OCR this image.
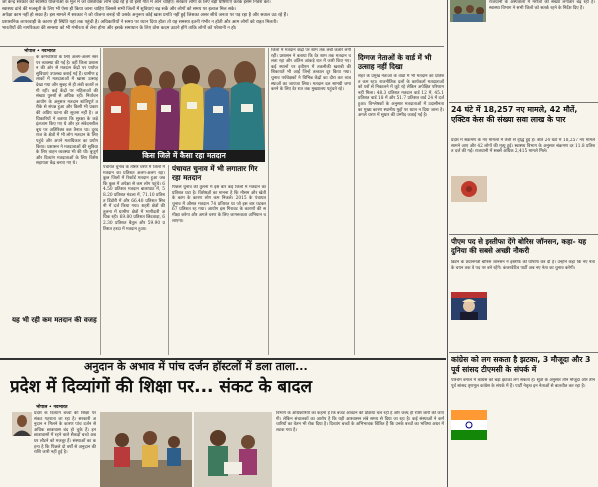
जो केन्द्र सरकार की स्वास्थ्य योजनाओं के मूल में जो वास्तविक लाभ देख रहे हैं वो इसी गति में आने चाहिए। सरकार लोगों के लिए बड़ी घोषणाएं करके इसमें निवेश करे।
स्वास्थ्य ढांचे की मजबूती के लिए भी ऐसा ही किया जाना चाहिए जिससे सभी जिलों में सुविधाएं बढ़ सकें और लोगों को समय पर इलाज मिल सके।
अपेक्षा काम नहीं हो सका है। इस मामले में सरकार ने जो योजना बनाई थी उसके अनुरूप कोई खास प्रगति नहीं हुई जिसका असर सीधे जनता पर पड़ रहा है और सवाल उठ रहे हैं।
प्रशासनिक लापरवाही के कारण ही स्थिति यहां तक पहुंची है। अधिकारियों ने समय पर ध्यान दिया होता तो यह समस्या इतनी गंभीर न होती और आम लोगों को राहत मिलती।
भारतीयों की नागरिकता की समस्या को भी गंभीरता से लेना होगा और इसके समाधान के लिए ठोस कदम उठाने होंगे ताकि लोगों को परेशानी न हो।
भोपाल • नवभारत
के कर्मचारियों के लिए अलग-अलग स्तर पर व्यवस्था की गई है। वहीं जिला प्रशासन की ओर से मतदान केंद्रों पर पर्याप्त सुविधाएं उपलब्ध कराई गई हैं। ग्रामीण इलाकों में मतदाताओं में खासा उत्साह देखा गया और सुबह से ही लंबी कतारें लगी रहीं। कई केंद्रों पर महिलाओं की संख्या पुरुषों से अधिक रही। निर्वाचन आयोग के अनुसार मतदान शांतिपूर्ण तरीके से संपन्न हुआ और किसी भी प्रकार की अप्रिय घटना की सूचना नहीं है। अधिकारियों ने बताया कि सुरक्षा के कड़े इंतजाम किए गए थे और हर संवेदनशील बूथ पर अतिरिक्त बल तैनात था। दूरदराज के क्षेत्रों में भी लोग मतदान के लिए पहुंचे और अपने मताधिकार का प्रयोग किया। प्रशासन ने मतदाताओं की सुविधा के लिए वाहन व्यवस्था भी की थी। बुजुर्ग और दिव्यांग मतदाताओं के लिए विशेष सहायता केंद्र बनाए गए थे।
यह भी रही कम मतदान की वजह
किस जिले में कैसा रहा मतदान
पंचायत चुनाव के तीसरे चरण में जिलों में मतदान का प्रतिशत अलग-अलग रहा। कुछ जिलों में रिकॉर्ड मतदान हुआ जबकि कुछ में अपेक्षा से कम लोग पहुंचे। 64.50 प्रतिशत मतदान बालाघाट में, 58.20 प्रतिशत मंडला में, 71.10 प्रतिशत डिंडोरी में और 66.40 प्रतिशत सिवनी में दर्ज किया गया। शहरी क्षेत्रों की तुलना में ग्रामीण क्षेत्रों में भागीदारी अधिक रही। 69.80 प्रतिशत छिंदवाड़ा, 62.30 प्रतिशत बैतूल और 59.90 प्रतिशत हरदा में मतदान हुआ।
पंचायत चुनाव में भी लगातार गिर रहा मतदान
पिछले चुनाव की तुलना में इस बार कई जिलों में मतदान का प्रतिशत घटा है। विशेषज्ञों का मानना है कि मौसम और खेती के काम के कारण लोग कम निकले। 2015 के पंचायत चुनाव में औसत मतदान 74 प्रतिशत था जो इस बार घटकर 67 प्रतिशत रह गया। आयोग इस गिरावट के कारणों की समीक्षा करेगा और अगले चरण के लिए जागरूकता अभियान चलाएगा।
जिलों में मतदान केंद्रों पर शाम तक लंबी कतारें लगी रहीं। प्रशासन ने बताया कि देर शाम तक मतदान चलता रहा और अंतिम आंकड़े रात में जारी किए गए। कई स्थानों पर इवीएम में तकनीकी खराबी की शिकायतें भी आईं जिन्हें तत्काल दूर किया गया। चुनाव पर्यवेक्षकों ने विभिन्न केंद्रों का दौरा कर व्यवस्थाओं का जायजा लिया। मतदान दल सामग्री जमा करने के लिए देर रात तक मुख्यालय पहुंचते रहे।
दिग्गज नेताओं के वार्ड में भी उत्साह नहीं दिखा
शहर के प्रमुख नेताओं के वार्डों में भी मतदान का प्रतिशत कम रहा। राजनीतिक दलों के कार्यकर्ता मतदाताओं को घरों से निकालने में जुटे रहे लेकिन अपेक्षित परिणाम नहीं मिला। 48.3 प्रतिशत मतदान वार्ड 12 में, 45.1 प्रतिशत वार्ड 18 में और 51.7 प्रतिशत वार्ड 24 में दर्ज हुआ। विश्लेषकों के अनुसार मतदाताओं में उदासीनता का मुख्य कारण स्थानीय मुद्दों पर ध्यान न दिया जाना है। अगले चरण में सुधार की उम्मीद जताई गई है।
राजधानी के अस्पतालों में मरीजों की संख्या लगातार बढ़ रही है। स्वास्थ्य विभाग ने सभी जिलों को सतर्क रहने के निर्देश दिए हैं।
24 घंटे में 18,257 नए मामले, 42 मौतें, एक्टिव केस की संख्या सवा लाख के पार
प्रदेश में संक्रमण के नए मामलों में तेजी से वृद्धि हुई है। बीते 24 घंटों में 18,257 नए मामले सामने आए और 42 लोगों की मृत्यु हुई। स्वास्थ्य विभाग के अनुसार संक्रमण दर 11.8 प्रतिशत दर्ज की गई। राजधानी में सबसे अधिक 2,415 मामले मिले।
पीएम पद से इस्तीफा देंगे बोरिस जॉनसन, कहा- यह दुनिया की सबसे अच्छी नौकरी
ब्रिटेन के प्रधानमंत्री बोरिस जॉनसन ने इस्तीफे की घोषणा कर दी है। उन्होंने कहा कि नए नेता के चयन तक वे पद पर बने रहेंगे। कंजरवेटिव पार्टी अब नए नेता का चुनाव करेगी।
कांग्रेस को लग सकता है झटका, 3 मौजूदा और 3 पूर्व सांसद टीएमसी के संपर्क में
पश्चिम बंगाल में कांग्रेस को बड़ा झटका लग सकता है। सूत्रों के अनुसार तीन मौजूदा और तीन पूर्व सांसद तृणमूल कांग्रेस के संपर्क में हैं। पार्टी नेतृत्व इन नेताओं से बातचीत कर रहा है।
अनुदान के अभाव में पांच दर्जन हॉस्टलों में डला ताला...
प्रदेश में दिव्यांगों की शिक्षा पर... संकट के बादल
भोपाल • नवभारत
प्रदेश के दिव्यांग बच्चों की शिक्षा पर संकट गहराता जा रहा है। सरकारी अनुदान न मिलने के कारण पांच दर्जन से अधिक छात्रावास बंद हो चुके हैं। इन छात्रावासों में रहने वाले सैकड़ों बच्चे अब घर लौटने को मजबूर हैं। संस्थाओं का कहना है कि पिछले दो वर्षों से अनुदान की राशि जारी नहीं हुई है।
विभाग के अधिकारियों का कहना है कि बजट आवंटन की प्रक्रिया चल रही है और जल्द ही राशि जारी की जाएगी। लेकिन संचालकों का आरोप है कि यही आश्वासन लंबे समय से दिया जा रहा है। कई संस्थाओं ने कर्मचारियों का वेतन भी रोक दिया है। दिव्यांग बच्चों के अभिभावक चिंतित हैं कि उनके बच्चों का भविष्य अधर में लटक गया है।
